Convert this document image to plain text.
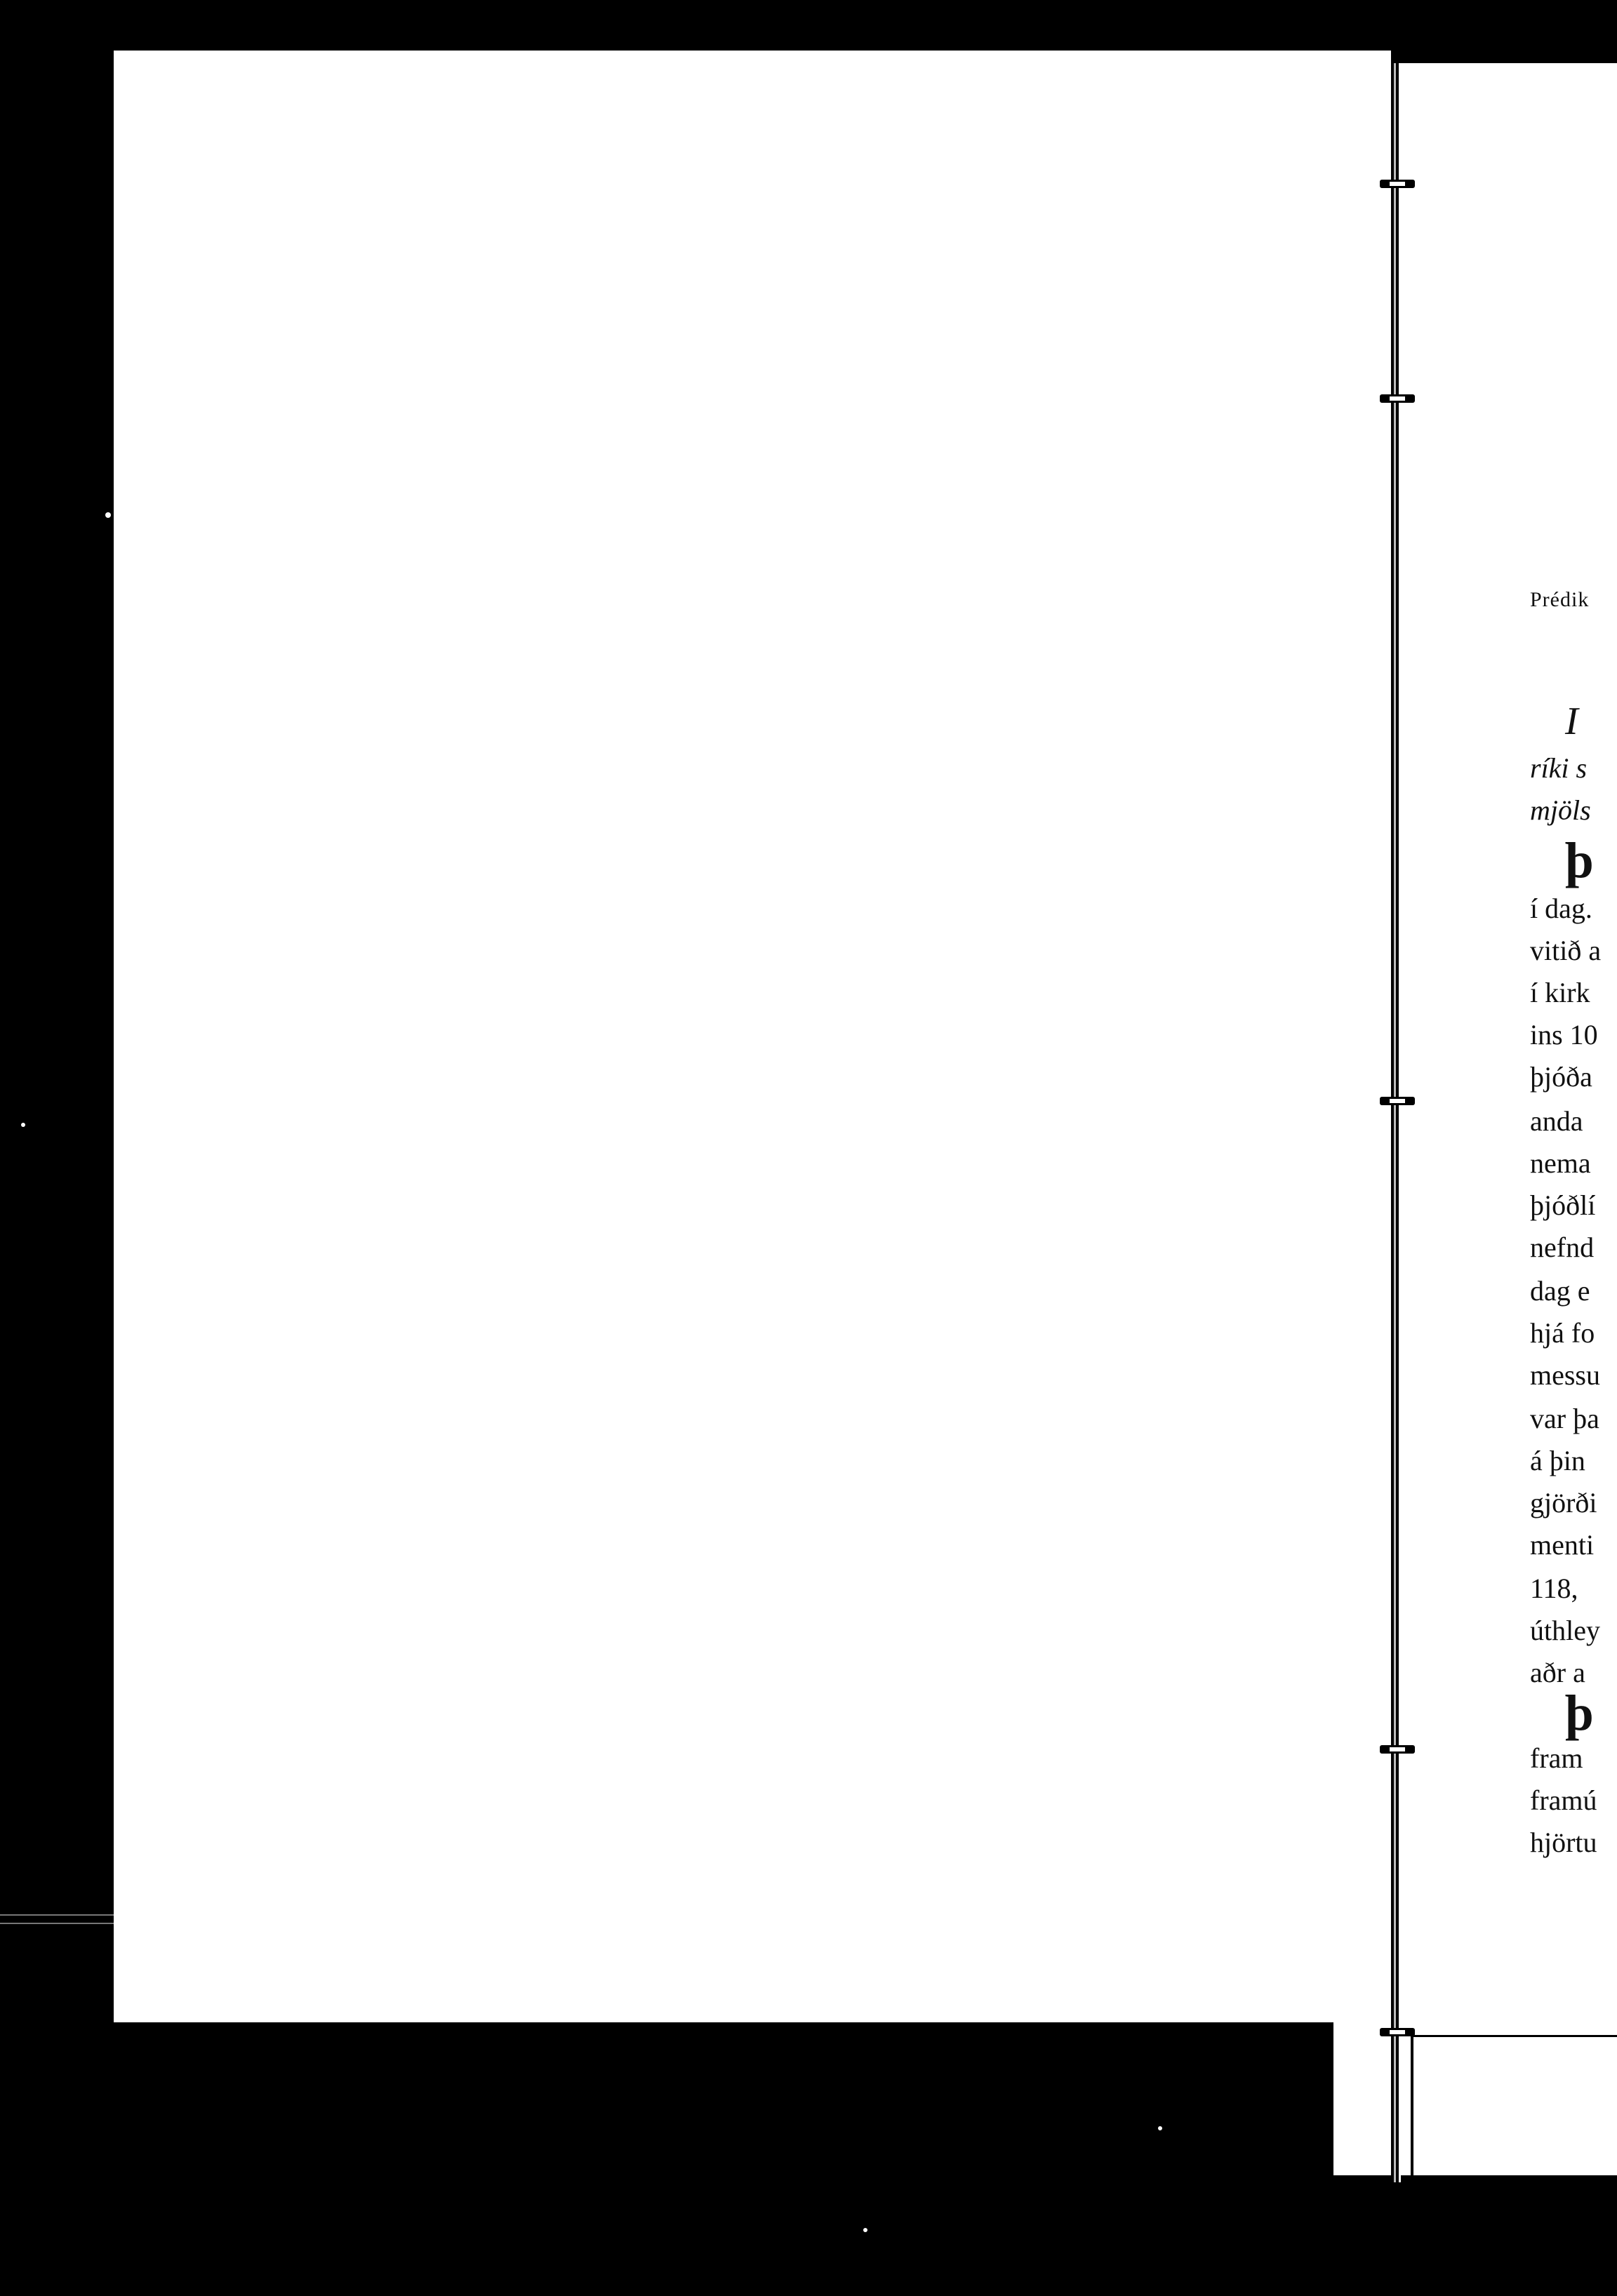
Prédik
I
ríki s
mjöls
þ
í dag.
vitið a
í kirk
ins 10
þjóða
anda
nema
þjóðlí
nefnd
dag e
hjá fo
messu
var þa
á þin
gjörði
menti
118,
úthley
aðr a
þ
fram
framú
hjörtu
